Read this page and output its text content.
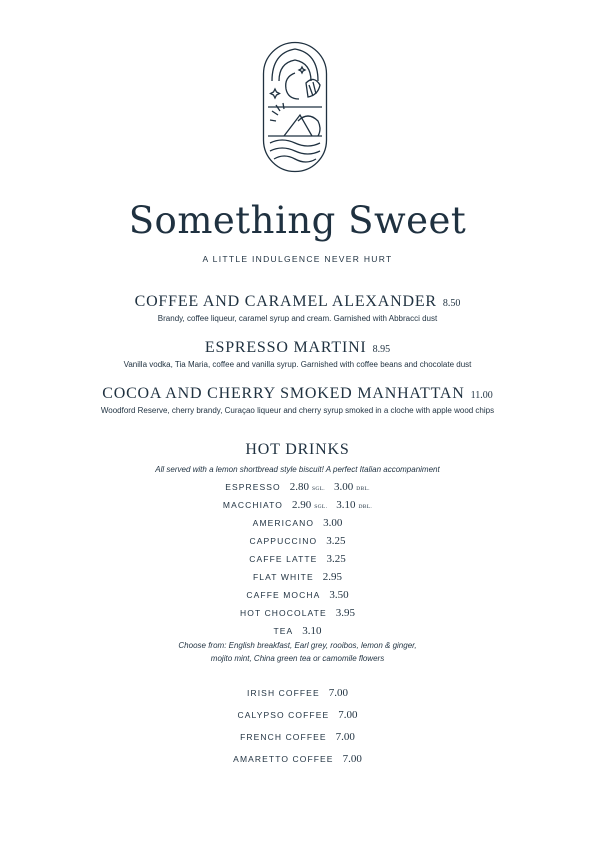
Something Sweet
A LITTLE INDULGENCE NEVER HURT
COFFEE AND CARAMEL ALEXANDER 8.50
Brandy, coffee liqueur, caramel syrup and cream. Garnished with Abbracci dust
ESPRESSO MARTINI 8.95
Vanilla vodka, Tia Maria, coffee and vanilla syrup. Garnished with coffee beans and chocolate dust
COCOA AND CHERRY SMOKED MANHATTAN 11.00
Woodford Reserve, cherry brandy, Curaçao liqueur and cherry syrup smoked in a cloche with apple wood chips
HOT DRINKS
All served with a lemon shortbread style biscuit! A perfect Italian accompaniment
ESPRESSO 2.80 SGL. 3.00 DBL.
MACCHIATO 2.90 SGL. 3.10 DBL.
AMERICANO 3.00
CAPPUCCINO 3.25
CAFFE LATTE 3.25
FLAT WHITE 2.95
CAFFE MOCHA 3.50
HOT CHOCOLATE 3.95
TEA 3.10
Choose from: English breakfast, Earl grey, rooibos, lemon & ginger,
mojito mint, China green tea or camomile flowers
IRISH COFFEE 7.00
CALYPSO COFFEE 7.00
FRENCH COFFEE 7.00
AMARETTO COFFEE 7.00
